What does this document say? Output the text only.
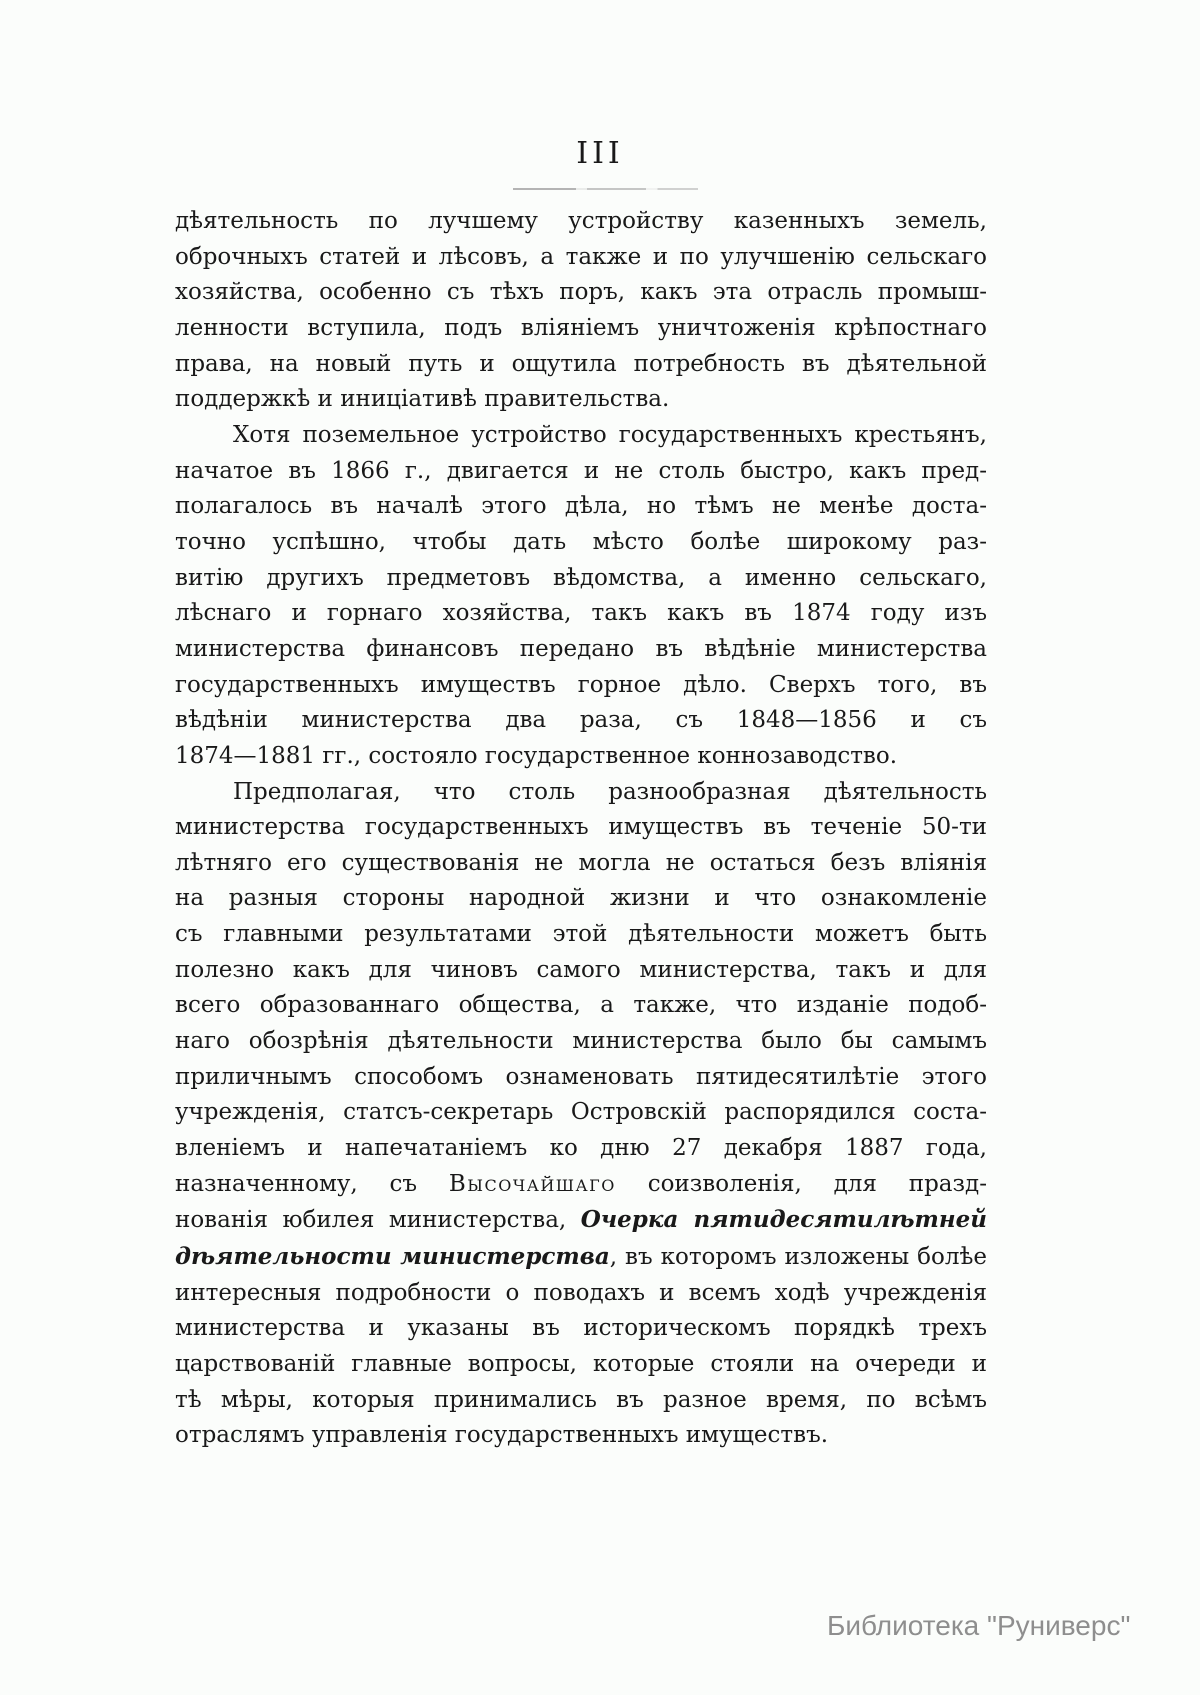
III
дѣятельность по лучшему устройству казенныхъ земель,
оброчныхъ статей и лѣсовъ, а также и по улучшенію сельскаго
хозяйства, особенно съ тѣхъ поръ, какъ эта отрасль промыш-
ленности вступила, подъ вліяніемъ уничтоженія крѣпостнаго
права, на новый путь и ощутила потребность въ дѣятельной
поддержкѣ и иниціативѣ правительства.
Хотя поземельное устройство государственныхъ крестьянъ,
начатое въ 1866 г., двигается и не столь быстро, какъ пред-
полагалось въ началѣ этого дѣла, но тѣмъ не менѣе доста-
точно успѣшно, чтобы дать мѣсто болѣе широкому раз-
витію другихъ предметовъ вѣдомства, а именно сельскаго,
лѣснаго и горнаго хозяйства, такъ какъ въ 1874 году изъ
министерства финансовъ передано въ вѣдѣніе министерства
государственныхъ имуществъ горное дѣло. Сверхъ того, въ
вѣдѣніи министерства два раза, съ 1848—1856 и съ
1874—1881 гг., состояло государственное коннозаводство.
Предполагая, что столь разнообразная дѣятельность
министерства государственныхъ имуществъ въ теченіе 50-ти
лѣтняго его существованія не могла не остаться безъ вліянія
на разныя стороны народной жизни и что ознакомленіе
съ главными результатами этой дѣятельности можетъ быть
полезно какъ для чиновъ самого министерства, такъ и для
всего образованнаго общества, а также, что изданіе подоб-
наго обозрѣнія дѣятельности министерства было бы самымъ
приличнымъ способомъ ознаменовать пятидесятилѣтіе этого
учрежденія, статсъ-секретарь Островскій распорядился соста-
вленіемъ и напечатаніемъ ко дню 27 декабря 1887 года,
назначенному, съ Высочайшаго соизволенія, для празд-
нованія юбилея министерства, Очерка пятидесятилѣтней
дѣятельности министерства, въ которомъ изложены болѣе
интересныя подробности о поводахъ и всемъ ходѣ учрежденія
министерства и указаны въ историческомъ порядкѣ трехъ
царствованій главные вопросы, которые стояли на очереди и
тѣ мѣры, которыя принимались въ разное время, по всѣмъ
отраслямъ управленія государственныхъ имуществъ.
Библиотека "Руниверс"
